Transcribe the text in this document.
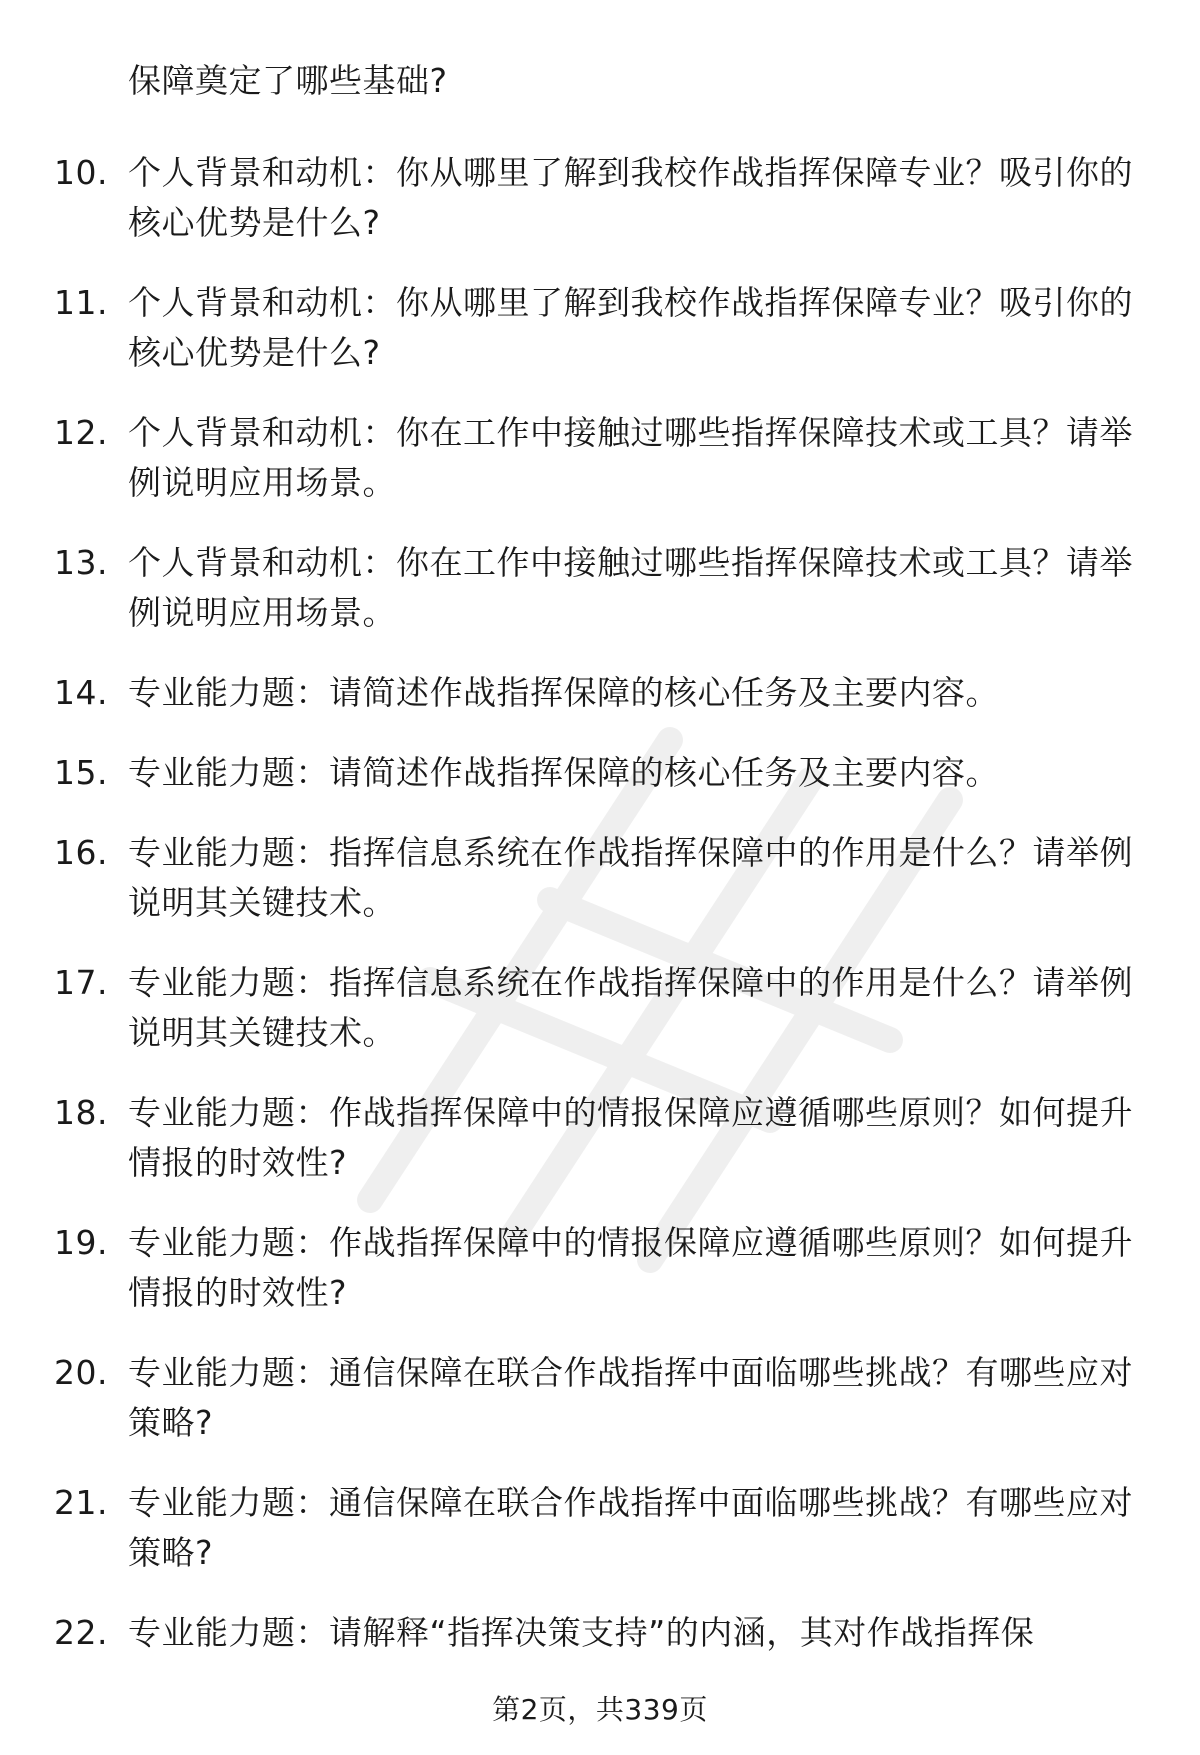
保障奠定了哪些基础?
10. 个人背景和动机：你从哪里了解到我校作战指挥保障专业？吸引你的核心优势是什么?
11. 个人背景和动机：你从哪里了解到我校作战指挥保障专业？吸引你的核心优势是什么?
12. 个人背景和动机：你在工作中接触过哪些指挥保障技术或工具？请举例说明应用场景。
13. 个人背景和动机：你在工作中接触过哪些指挥保障技术或工具？请举例说明应用场景。
14. 专业能力题：请简述作战指挥保障的核心任务及主要内容。
15. 专业能力题：请简述作战指挥保障的核心任务及主要内容。
16. 专业能力题：指挥信息系统在作战指挥保障中的作用是什么？请举例说明其关键技术。
17. 专业能力题：指挥信息系统在作战指挥保障中的作用是什么？请举例说明其关键技术。
18. 专业能力题：作战指挥保障中的情报保障应遵循哪些原则？如何提升情报的时效性?
19. 专业能力题：作战指挥保障中的情报保障应遵循哪些原则？如何提升情报的时效性?
20. 专业能力题：通信保障在联合作战指挥中面临哪些挑战？有哪些应对策略?
21. 专业能力题：通信保障在联合作战指挥中面临哪些挑战？有哪些应对策略?
22. 专业能力题：请解释“指挥决策支持”的内涵，其对作战指挥保
第2页，共339页
